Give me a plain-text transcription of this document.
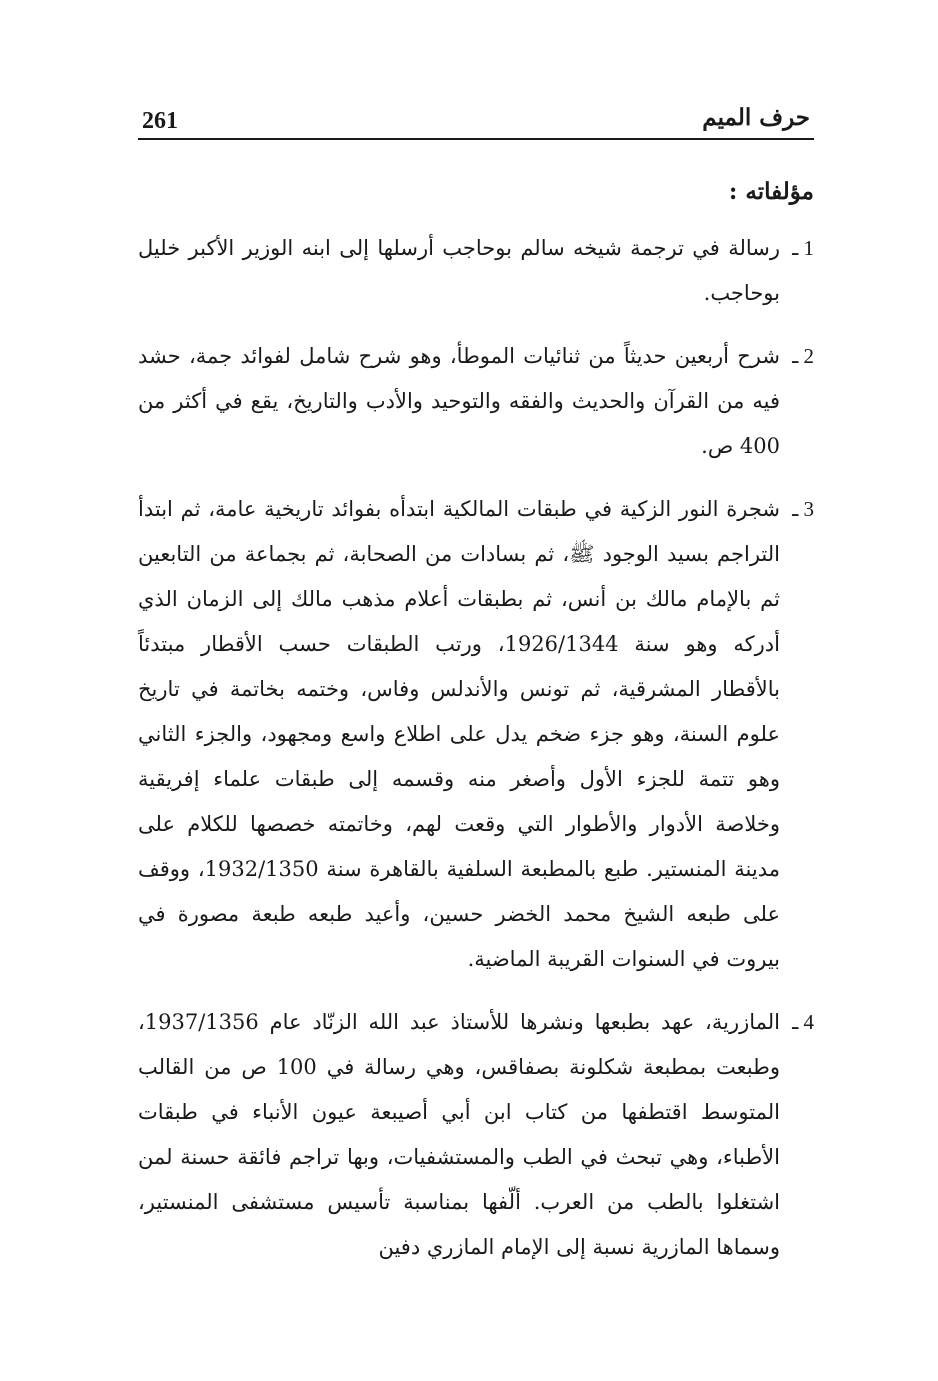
261	حرف الميم
مؤلفاته :
1 ـ
رسالة في ترجمة شيخه سالم بوحاجب أرسلها إلى ابنه الوزير الأكبر خليل بوحاجب.
2 ـ
شرح أربعين حديثاً من ثنائيات الموطأ، وهو شرح شامل لفوائد جمة، حشد فيه من القرآن والحديث والفقه والتوحيد والأدب والتاريخ، يقع في أكثر من 400 ص.
3 ـ
شجرة النور الزكية في طبقات المالكية ابتدأه بفوائد تاريخية عامة، ثم ابتدأ التراجم بسيد الوجود ﷺ، ثم بسادات من الصحابة، ثم بجماعة من التابعين ثم بالإمام مالك بن أنس، ثم بطبقات أعلام مذهب مالك إلى الزمان الذي أدركه وهو سنة 1926/1344، ورتب الطبقات حسب الأقطار مبتدئاً بالأقطار المشرقية، ثم تونس والأندلس وفاس، وختمه بخاتمة في تاريخ علوم السنة، وهو جزء ضخم يدل على اطلاع واسع ومجهود، والجزء الثاني وهو تتمة للجزء الأول وأصغر منه وقسمه إلى طبقات علماء إفريقية وخلاصة الأدوار والأطوار التي وقعت لهم، وخاتمته خصصها للكلام على مدينة المنستير. طبع بالمطبعة السلفية بالقاهرة سنة 1932/1350، ووقف على طبعه الشيخ محمد الخضر حسين، وأعيد طبعه طبعة مصورة في بيروت في السنوات القريبة الماضية.
4 ـ
المازرية، عهد بطبعها ونشرها للأستاذ عبد الله الزنّاد عام 1937/1356، وطبعت بمطبعة شكلونة بصفاقس، وهي رسالة في 100 ص من القالب المتوسط اقتطفها من كتاب ابن أبي أصيبعة عيون الأنباء في طبقات الأطباء، وهي تبحث في الطب والمستشفيات، وبها تراجم فائقة حسنة لمن اشتغلوا بالطب من العرب. ألّفها بمناسبة تأسيس مستشفى المنستير، وسماها المازرية نسبة إلى الإمام المازري دفين
